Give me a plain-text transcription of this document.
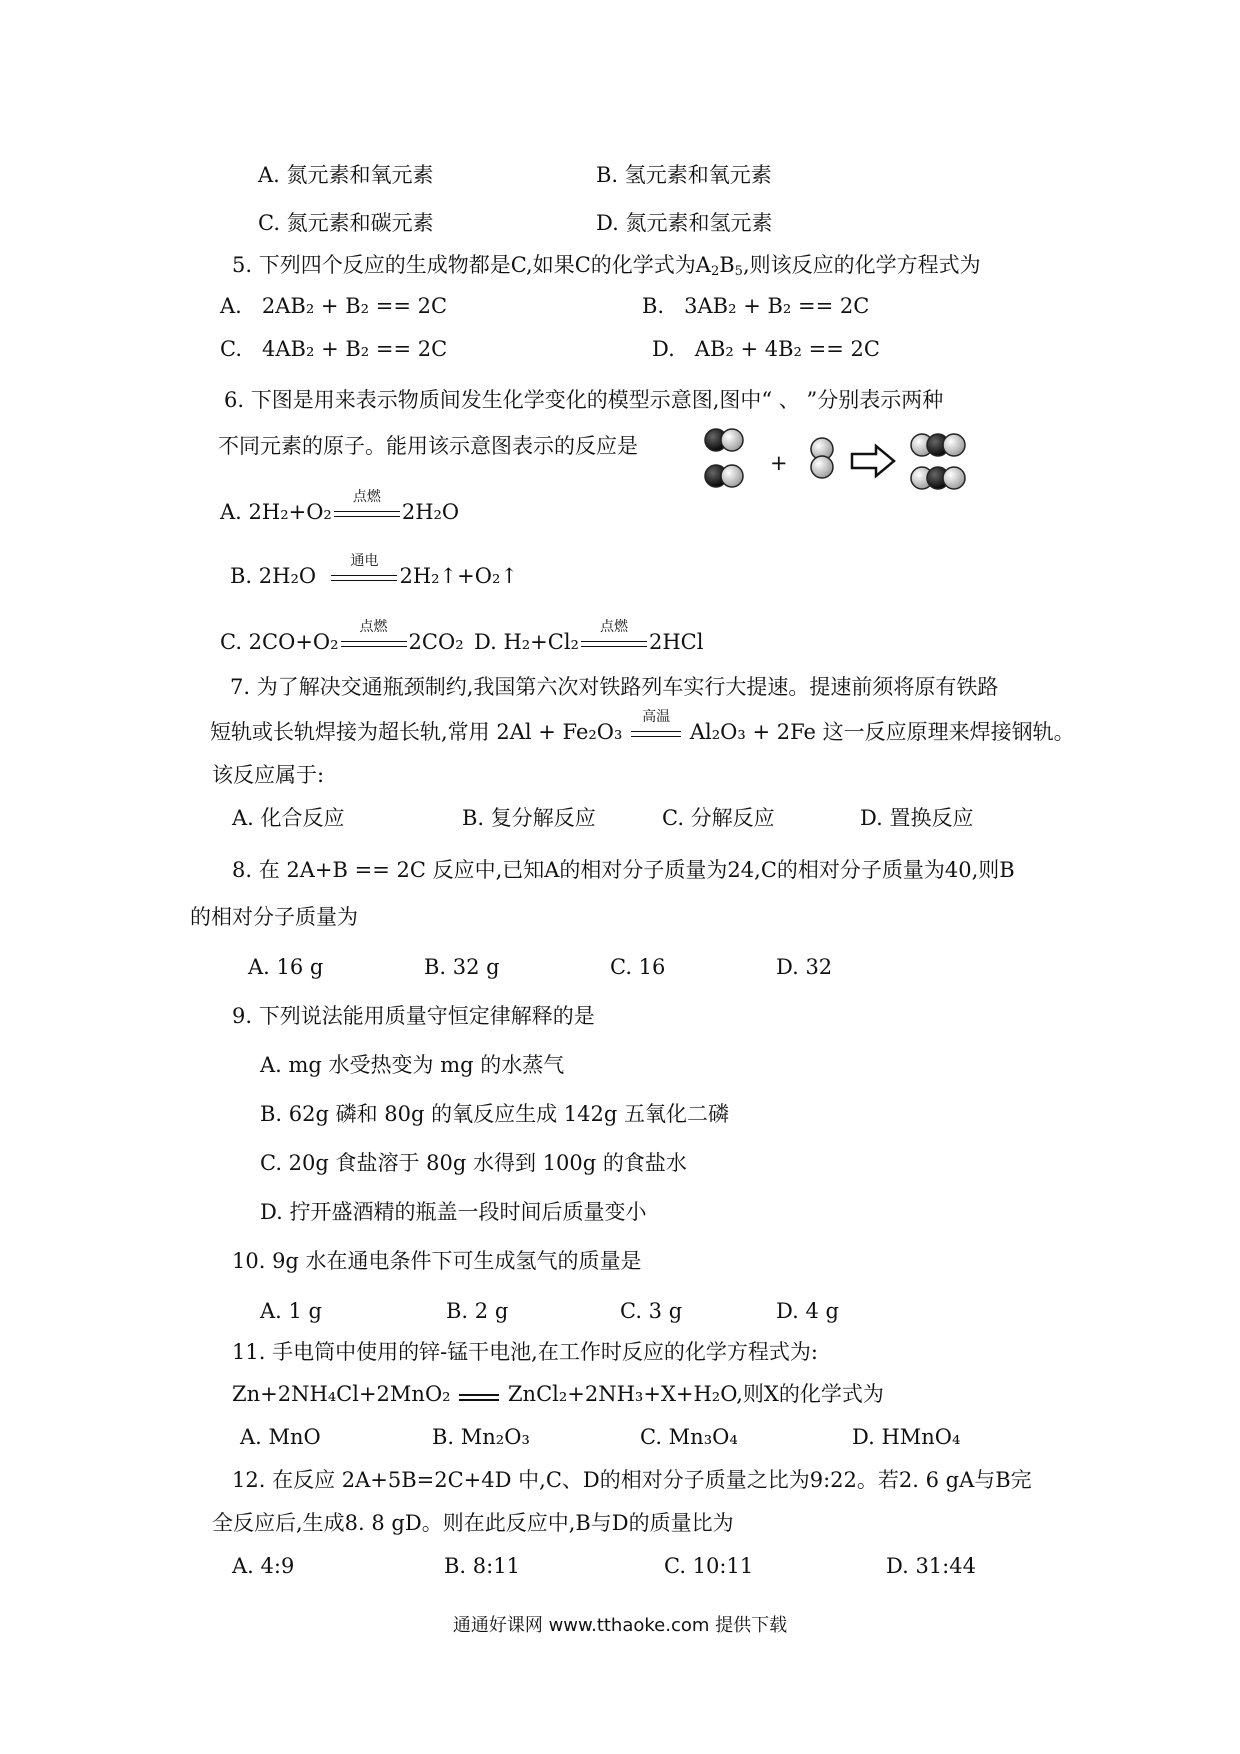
A. 氮元素和氧元素	B. 氢元素和氧元素
C. 氮元素和碳元素	D. 氮元素和氢元素
5. 下列四个反应的生成物都是C,如果C的化学式为$A_2B_5$,则该反应的化学方程式为
A. 2AB₂ + B₂ == 2C	B. 3AB₂ + B₂ == 2C
C. 4AB₂ + B₂ == 2C	D. AB₂ + 4B₂ == 2C
6. 下图是用来表示物质间发生化学变化的模型示意图,图中“ 、 ”分别表示两种
不同元素的原子。能用该示意图表示的反应是
+
A. 2H₂+O₂
点燃
2H₂O
B. 2H₂O
通电
2H₂↑+O₂↑
C. 2CO+O₂
点燃
2CO₂ D. H₂+Cl₂
点燃
2HCl
7. 为了解决交通瓶颈制约,我国第六次对铁路列车实行大提速。提速前须将原有铁路
短轨或长轨焊接为超长轨,常用 2Al + Fe₂O₃
高温
Al₂O₃ + 2Fe 这一反应原理来焊接钢轨。
该反应属于:
A. 化合反应	B. 复分解反应	C. 分解反应	D. 置换反应
8. 在 2A+B == 2C 反应中,已知A的相对分子质量为24,C的相对分子质量为40,则B
的相对分子质量为
A. 16 g	B. 32 g	C. 16	D. 32
9. 下列说法能用质量守恒定律解释的是
A. mg 水受热变为 mg 的水蒸气
B. 62g 磷和 80g 的氧反应生成 142g 五氧化二磷
C. 20g 食盐溶于 80g 水得到 100g 的食盐水
D. 拧开盛酒精的瓶盖一段时间后质量变小
10. 9g 水在通电条件下可生成氢气的质量是
A. 1 g	B. 2 g	C. 3 g	D. 4 g
11. 手电筒中使用的锌-锰干电池,在工作时反应的化学方程式为:
Zn+2NH₄Cl+2MnO₂	ZnCl₂+2NH₃+X+H₂O,则X的化学式为
A. MnO	B. Mn₂O₃	C. Mn₃O₄	D. HMnO₄
12. 在反应 2A+5B=2C+4D 中,C、D的相对分子质量之比为9:22。若2. 6 gA与B完
全反应后,生成8. 8 gD。则在此反应中,B与D的质量比为
A. 4:9	B. 8:11	C. 10:11	D. 31:44
通通好课网 www.tthaoke.com 提供下载
